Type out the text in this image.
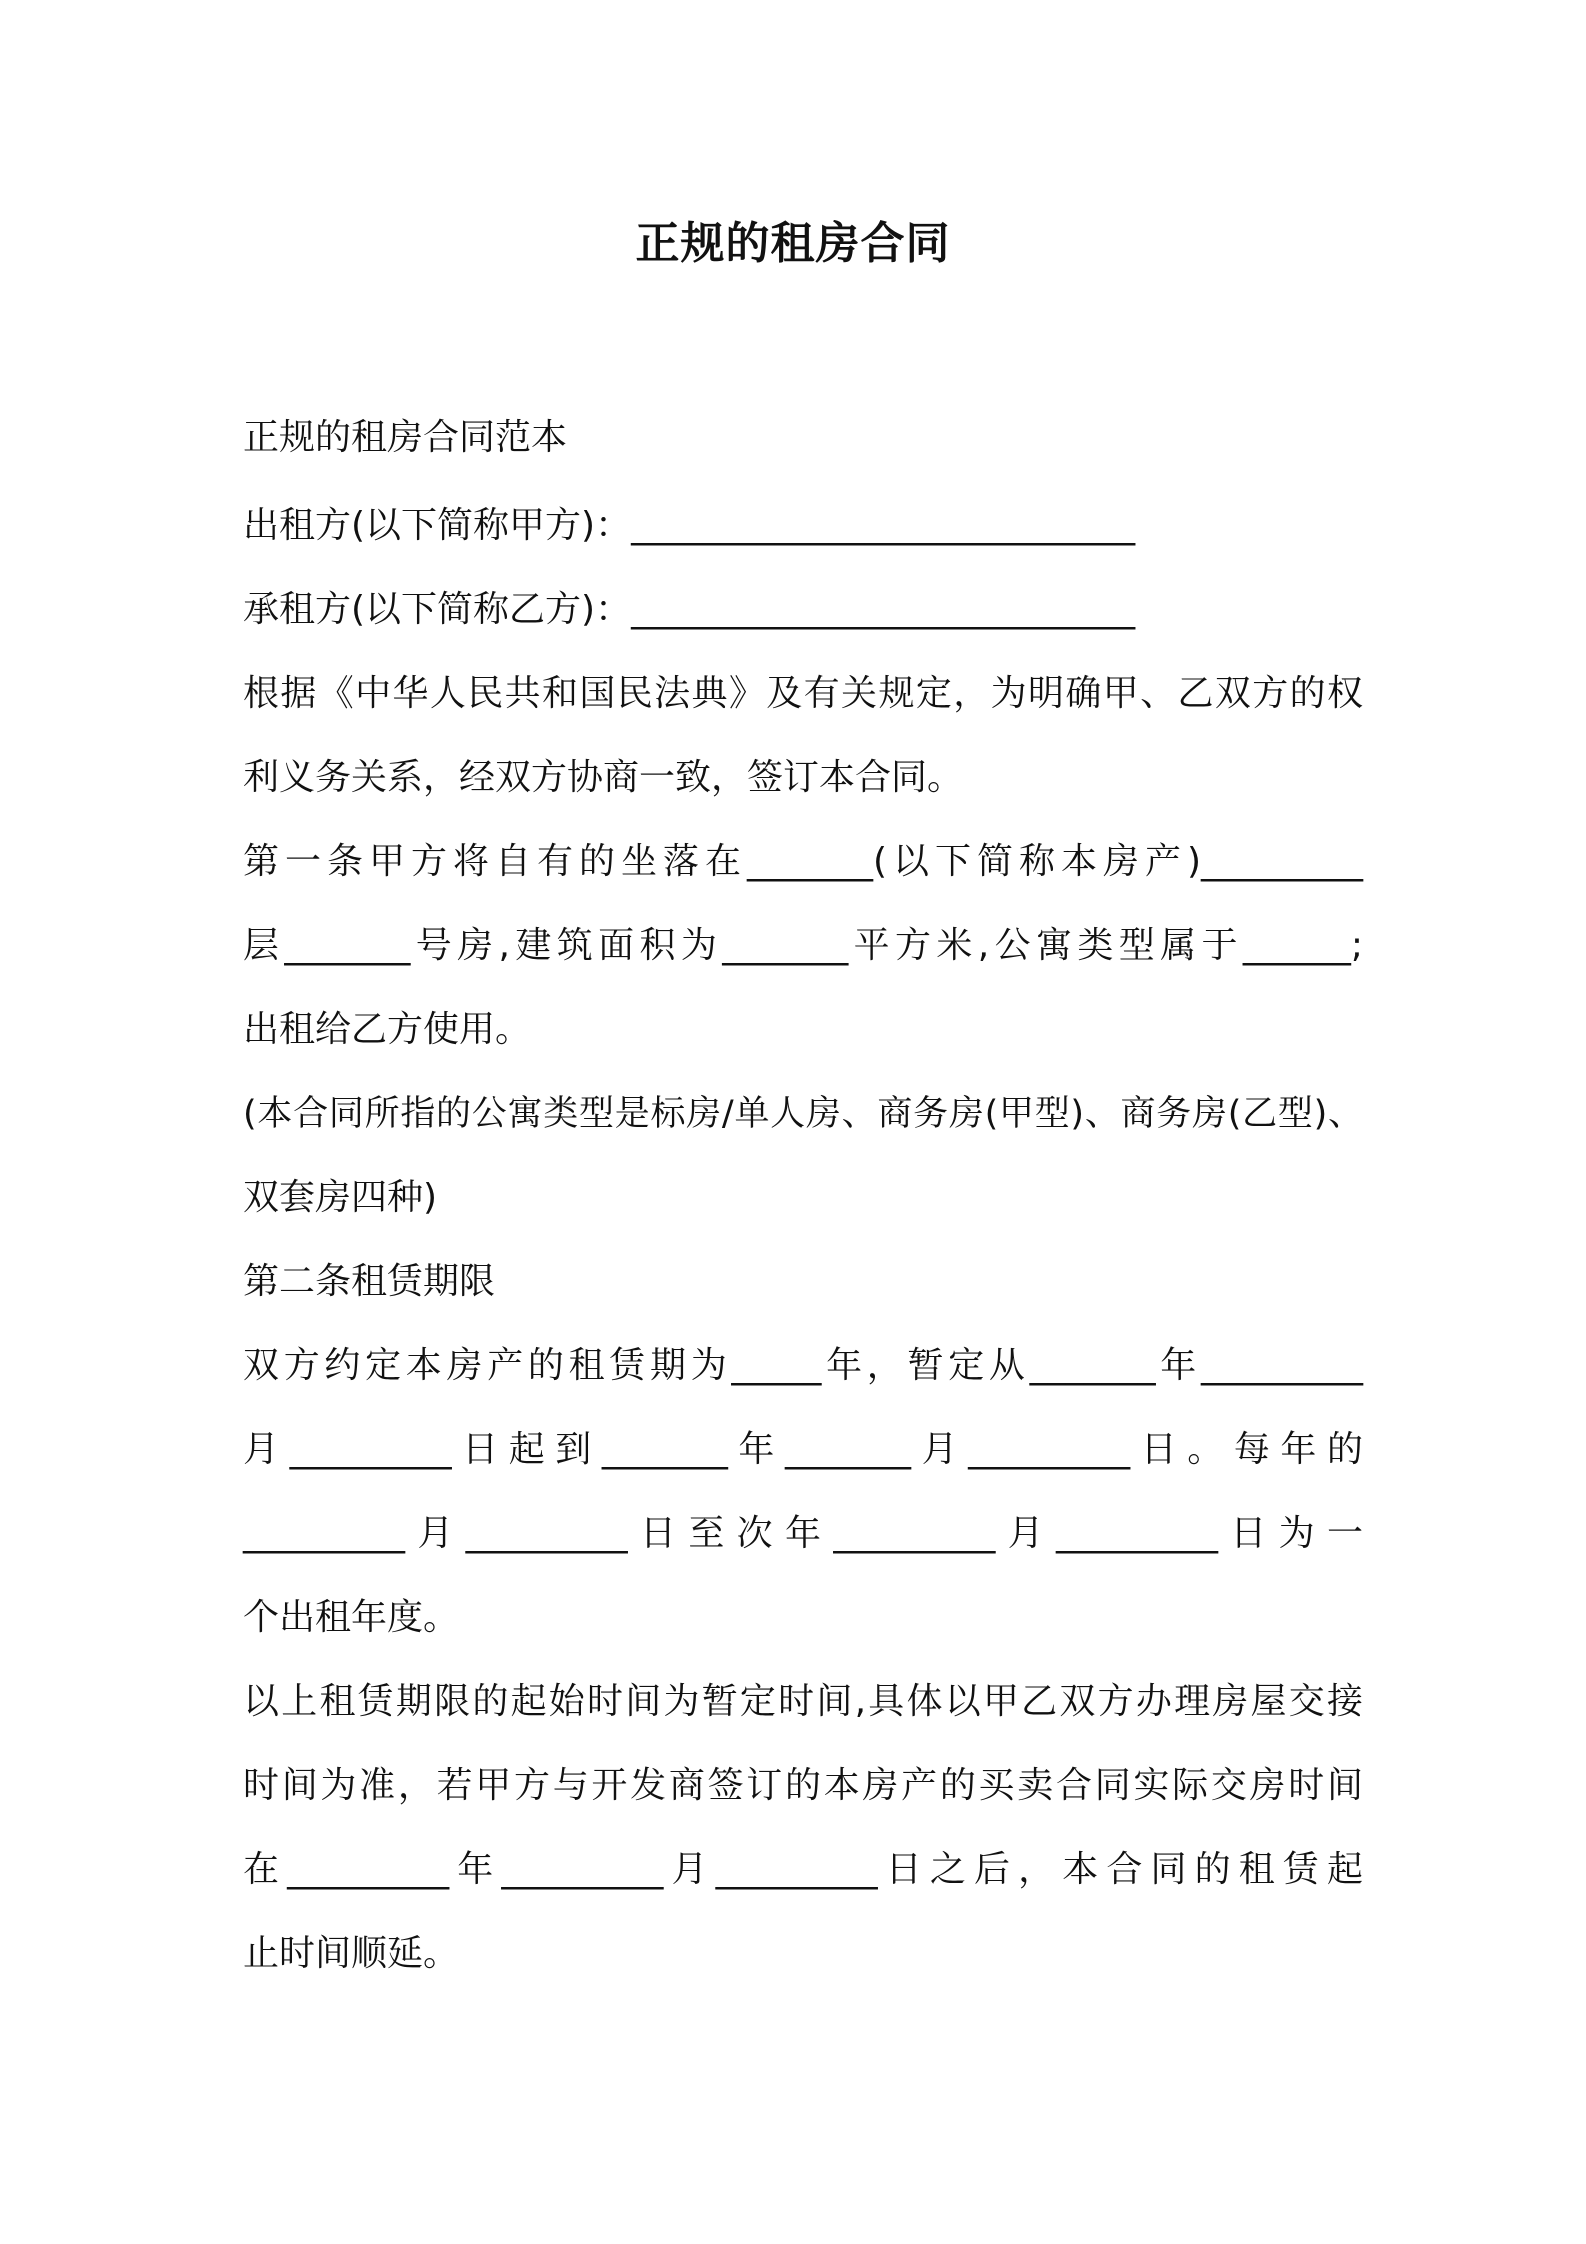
正规的租房合同
正规的租房合同范本
出租方(以下简称甲方)：____________________________
承租方(以下简称乙方)：____________________________
根据《中华人民共和国民法典》及有关规定，为明确甲、乙双方的权
利义务关系，经双方协商一致，签订本合同。
第一条甲方将自有的坐落在_______(以下简称本房产)_________
层_______号房,建筑面积为_______平方米,公寓类型属于______;
出租给乙方使用。
(本合同所指的公寓类型是标房/单人房、商务房(甲型)、商务房(乙型)、
双套房四种)
第二条租赁期限
双方约定本房产的租赁期为_____年，暂定从_______年_________
月_________日起到_______年_______月_________日。每年的
_________月_________日至次年_________月_________日为一
个出租年度。
以上租赁期限的起始时间为暂定时间,具体以甲乙双方办理房屋交接
时间为准，若甲方与开发商签订的本房产的买卖合同实际交房时间
在_________年_________月_________日之后，本合同的租赁起
止时间顺延。
